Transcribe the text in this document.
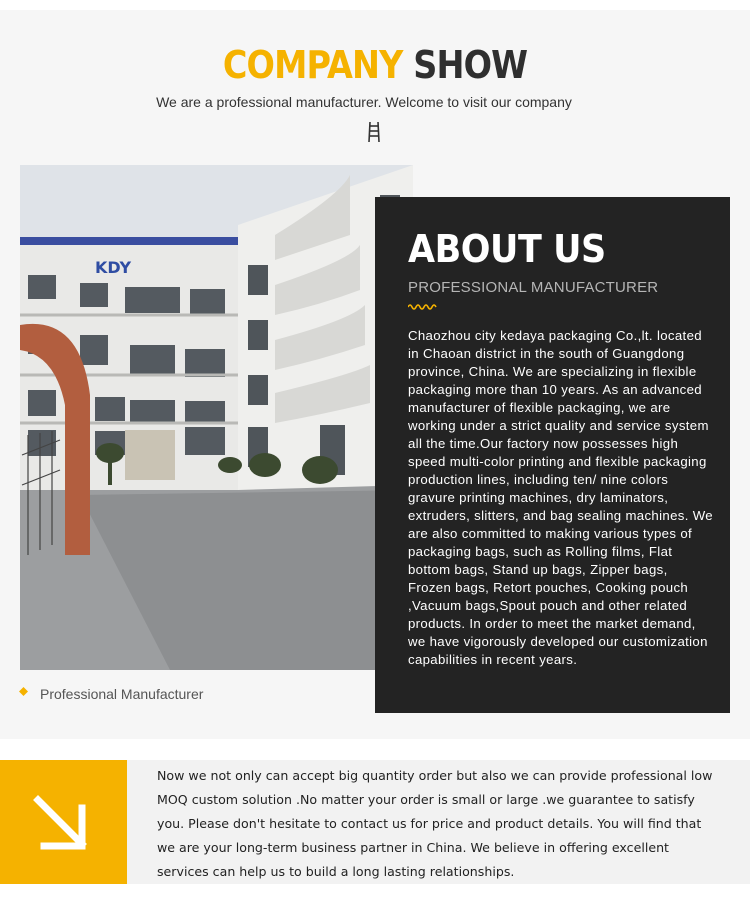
COMPANY SHOW
We are a professional manufacturer. Welcome to visit our company
KDY	ABOUT US
PROFESSIONAL MANUFACTURER
Chaozhou city kedaya packaging Co.,lt. located in Chaoan district in the south of Guangdong province, China. We are specializing in flexible packaging more than 10 years. As an advanced manufacturer of flexible packaging, we are working under a strict quality and service system all the time.Our factory now possesses high speed multi-color printing and flexible packaging production lines, including ten/ nine colors gravure printing machines, dry laminators, extruders, slitters, and bag sealing machines. We are also committed to making various types of packaging bags, such as Rolling films, Flat bottom bags, Stand up bags, Zipper bags, Frozen bags, Retort pouches, Cooking pouch ,Vacuum bags,Spout pouch and other related products. In order to meet the market demand, we have vigorously developed our customization capabilities in recent years.
Professional Manufacturer
Now we not only can accept big quantity order but also we can provide professional low MOQ custom solution .No matter your order is small or large .we guarantee to satisfy you. Please don't hesitate to contact us for price and product details. You will find that we are your long-term business partner in China. We believe in offering excellent services can help us to build a long lasting relationships.
